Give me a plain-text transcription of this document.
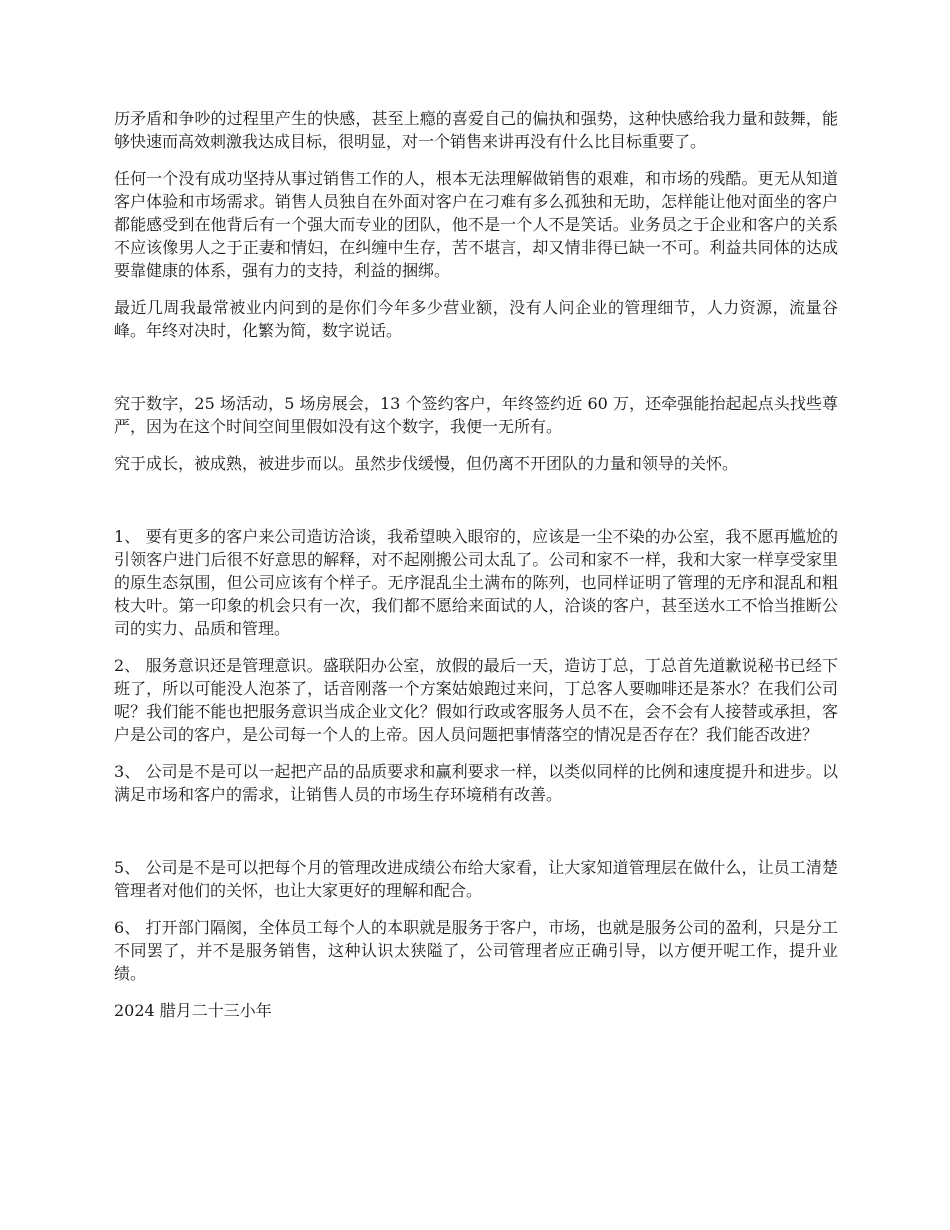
历矛盾和争吵的过程里产生的快感，甚至上瘾的喜爱自己的偏执和强势，这种快感给我力量和鼓舞，能够快速而高效刺激我达成目标，很明显，对一个销售来讲再没有什么比目标重要了。

任何一个没有成功坚持从事过销售工作的人，根本无法理解做销售的艰难，和市场的残酷。更无从知道客户体验和市场需求。销售人员独自在外面对客户在刁难有多么孤独和无助，怎样能让他对面坐的客户都能感受到在他背后有一个强大而专业的团队，他不是一个人不是笑话。业务员之于企业和客户的关系不应该像男人之于正妻和情妇，在纠缠中生存，苦不堪言，却又情非得已缺一不可。利益共同体的达成要靠健康的体系，强有力的支持，利益的捆绑。

最近几周我最常被业内问到的是你们今年多少营业额，没有人问企业的管理细节，人力资源，流量谷峰。年终对决时，化繁为简，数字说话。

究于数字，25 场活动，5 场房展会，13 个签约客户，年终签约近 60 万，还牵强能抬起起点头找些尊严，因为在这个时间空间里假如没有这个数字，我便一无所有。

究于成长，被成熟，被进步而以。虽然步伐缓慢，但仍离不开团队的力量和领导的关怀。

1、 要有更多的客户来公司造访洽谈，我希望映入眼帘的，应该是一尘不染的办公室，我不愿再尴尬的引领客户进门后很不好意思的解释，对不起刚搬公司太乱了。公司和家不一样，我和大家一样享受家里的原生态氛围，但公司应该有个样子。无序混乱尘土满布的陈列，也同样证明了管理的无序和混乱和粗枝大叶。第一印象的机会只有一次，我们都不愿给来面试的人，洽谈的客户，甚至送水工不恰当推断公司的实力、品质和管理。

2、 服务意识还是管理意识。盛联阳办公室，放假的最后一天，造访丁总，丁总首先道歉说秘书已经下班了，所以可能没人泡茶了，话音刚落一个方案姑娘跑过来问，丁总客人要咖啡还是茶水？在我们公司呢？我们能不能也把服务意识当成企业文化？假如行政或客服务人员不在，会不会有人接替或承担，客户是公司的客户，是公司每一个人的上帝。因人员问题把事情落空的情况是否存在？我们能否改进？

3、 公司是不是可以一起把产品的品质要求和赢利要求一样，以类似同样的比例和速度提升和进步。以满足市场和客户的需求，让销售人员的市场生存环境稍有改善。

5、 公司是不是可以把每个月的管理改进成绩公布给大家看，让大家知道管理层在做什么，让员工清楚管理者对他们的关怀，也让大家更好的理解和配合。

6、 打开部门隔阂，全体员工每个人的本职就是服务于客户，市场，也就是服务公司的盈利，只是分工不同罢了，并不是服务销售，这种认识太狭隘了，公司管理者应正确引导，以方便开呢工作，提升业绩。

2024 腊月二十三小年
